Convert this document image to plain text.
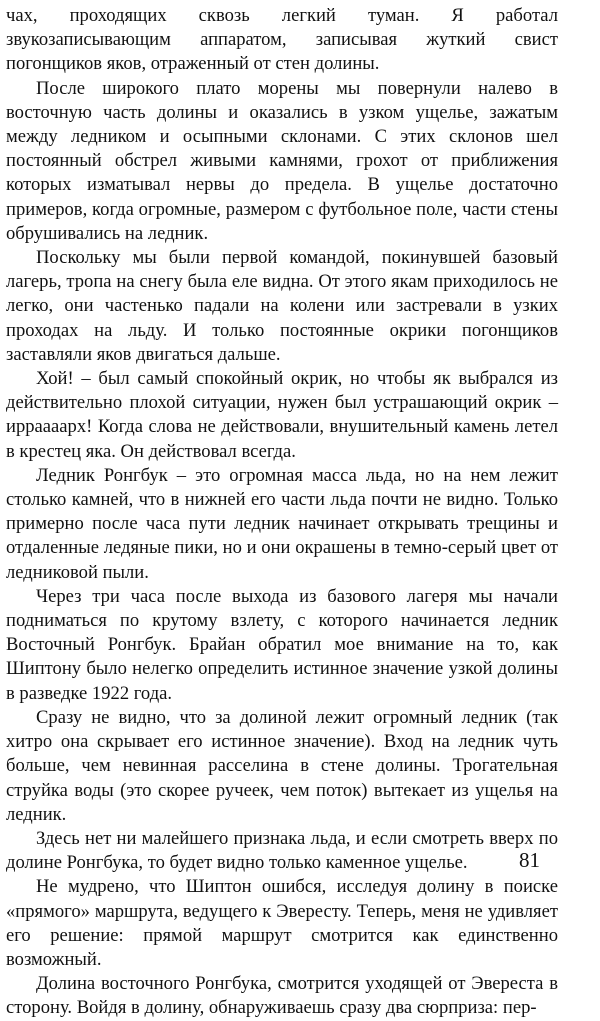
чах, проходящих сквозь легкий туман. Я работал звукозаписывающим аппаратом, записывая жуткий свист погонщиков яков, отраженный от стен долины.

После широкого плато морены мы повернули налево в восточную часть долины и оказались в узком ущелье, зажатым между ледником и осыпными склонами. С этих склонов шел постоянный обстрел живыми камнями, грохот от приближения которых изматывал нервы до предела. В ущелье достаточно примеров, когда огромные, размером с футбольное поле, части стены обрушивались на ледник.

Поскольку мы были первой командой, покинувшей базовый лагерь, тропа на снегу была еле видна. От этого якам приходилось не легко, они частенько падали на колени или застревали в узких проходах на льду. И только постоянные окрики погонщиков заставляли яков двигаться дальше.

Хой! – был самый спокойный окрик, но чтобы як выбрался из действительно плохой ситуации, нужен был устрашающий окрик – ирраааарх! Когда слова не действовали, внушительный камень летел в крестец яка. Он действовал всегда.

Ледник Ронгбук – это огромная масса льда, но на нем лежит столько камней, что в нижней его части льда почти не видно. Только примерно после часа пути ледник начинает открывать трещины и отдаленные ледяные пики, но и они окрашены в темно-серый цвет от ледниковой пыли.

Через три часа после выхода из базового лагеря мы начали подниматься по крутому взлету, с которого начинается ледник Восточный Ронгбук. Брайан обратил мое внимание на то, как Шиптону было нелегко определить истинное значение узкой долины в разведке 1922 года.

Сразу не видно, что за долиной лежит огромный ледник (так хитро она скрывает его истинное значение). Вход на ледник чуть больше, чем невинная расселина в стене долины. Трогательная струйка воды (это скорее ручеек, чем поток) вытекает из ущелья на ледник.

Здесь нет ни малейшего признака льда, и если смотреть вверх по долине Ронгбука, то будет видно только каменное ущелье.

Не мудрено, что Шиптон ошибся, исследуя долину в поиске «прямого» маршрута, ведущего к Эвересту. Теперь, меня не удивляет его решение: прямой маршрут смотрится как единственно возможный.

Долина восточного Ронгбука, смотрится уходящей от Эвереста в сторону. Войдя в долину, обнаруживаешь сразу два сюрприза: пер-

81
